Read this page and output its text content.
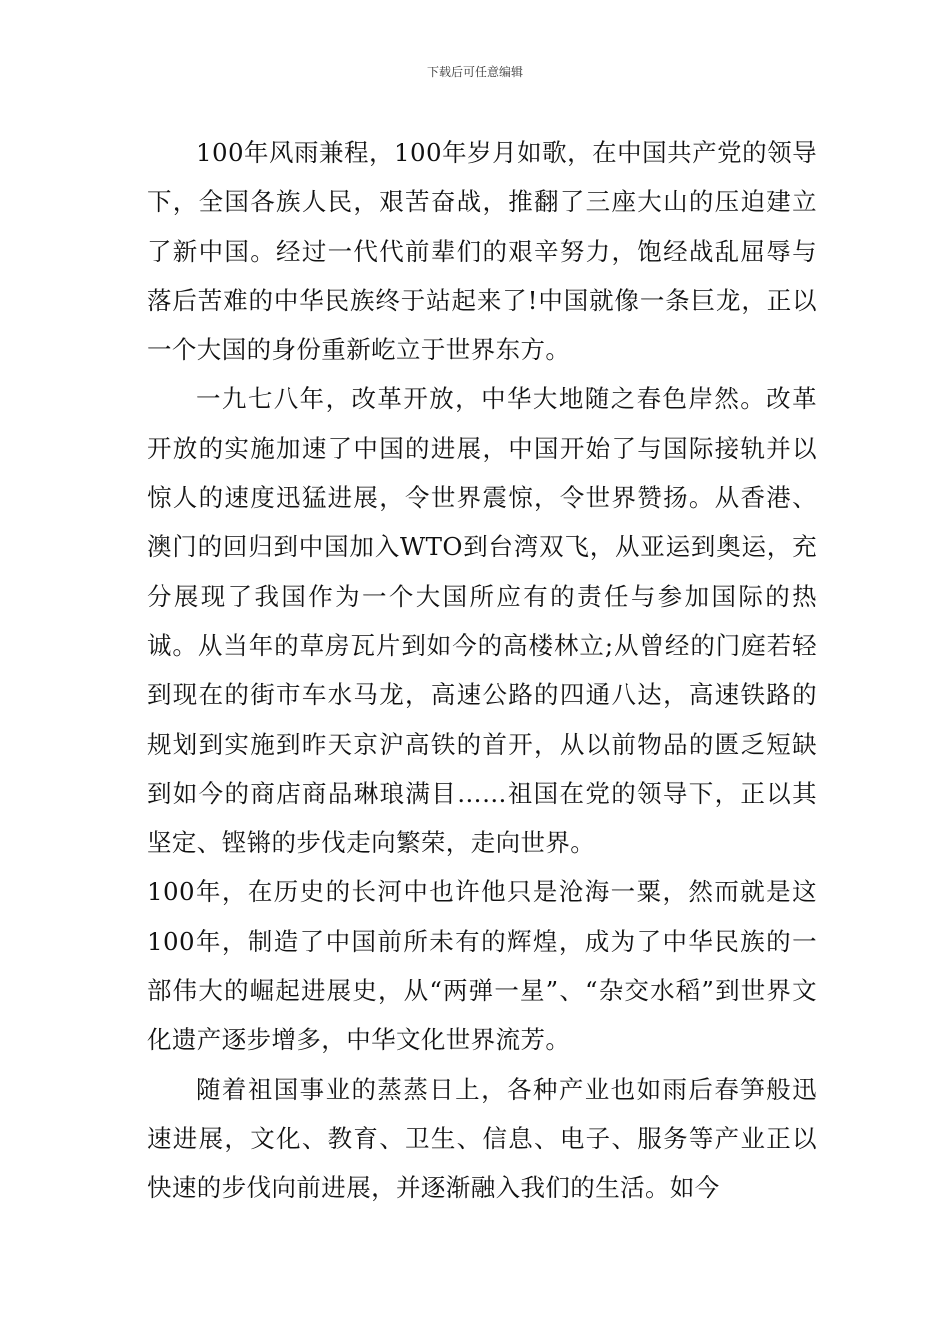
下载后可任意编辑

100年风雨兼程，100年岁月如歌，在中国共产党的领导下，全国各族人民，艰苦奋战，推翻了三座大山的压迫建立了新中国。经过一代代前辈们的艰辛努力，饱经战乱屈辱与落后苦难的中华民族终于站起来了!中国就像一条巨龙，正以一个大国的身份重新屹立于世界东方。

一九七八年，改革开放，中华大地随之春色岸然。改革开放的实施加速了中国的进展，中国开始了与国际接轨并以惊人的速度迅猛进展，令世界震惊，令世界赞扬。从香港、澳门的回归到中国加入WTO到台湾双飞，从亚运到奥运，充分展现了我国作为一个大国所应有的责任与参加国际的热诚。从当年的草房瓦片到如今的高楼林立;从曾经的门庭若轻到现在的街市车水马龙，高速公路的四通八达，高速铁路的规划到实施到昨天京沪高铁的首开，从以前物品的匮乏短缺到如今的商店商品琳琅满目……祖国在党的领导下，正以其坚定、铿锵的步伐走向繁荣，走向世界。

100年，在历史的长河中也许他只是沧海一粟，然而就是这100年，制造了中国前所未有的辉煌，成为了中华民族的一部伟大的崛起进展史，从“两弹一星”、“杂交水稻”到世界文化遗产逐步增多，中华文化世界流芳。

随着祖国事业的蒸蒸日上，各种产业也如雨后春笋般迅速进展，文化、教育、卫生、信息、电子、服务等产业正以快速的步伐向前进展，并逐渐融入我们的生活。如今
